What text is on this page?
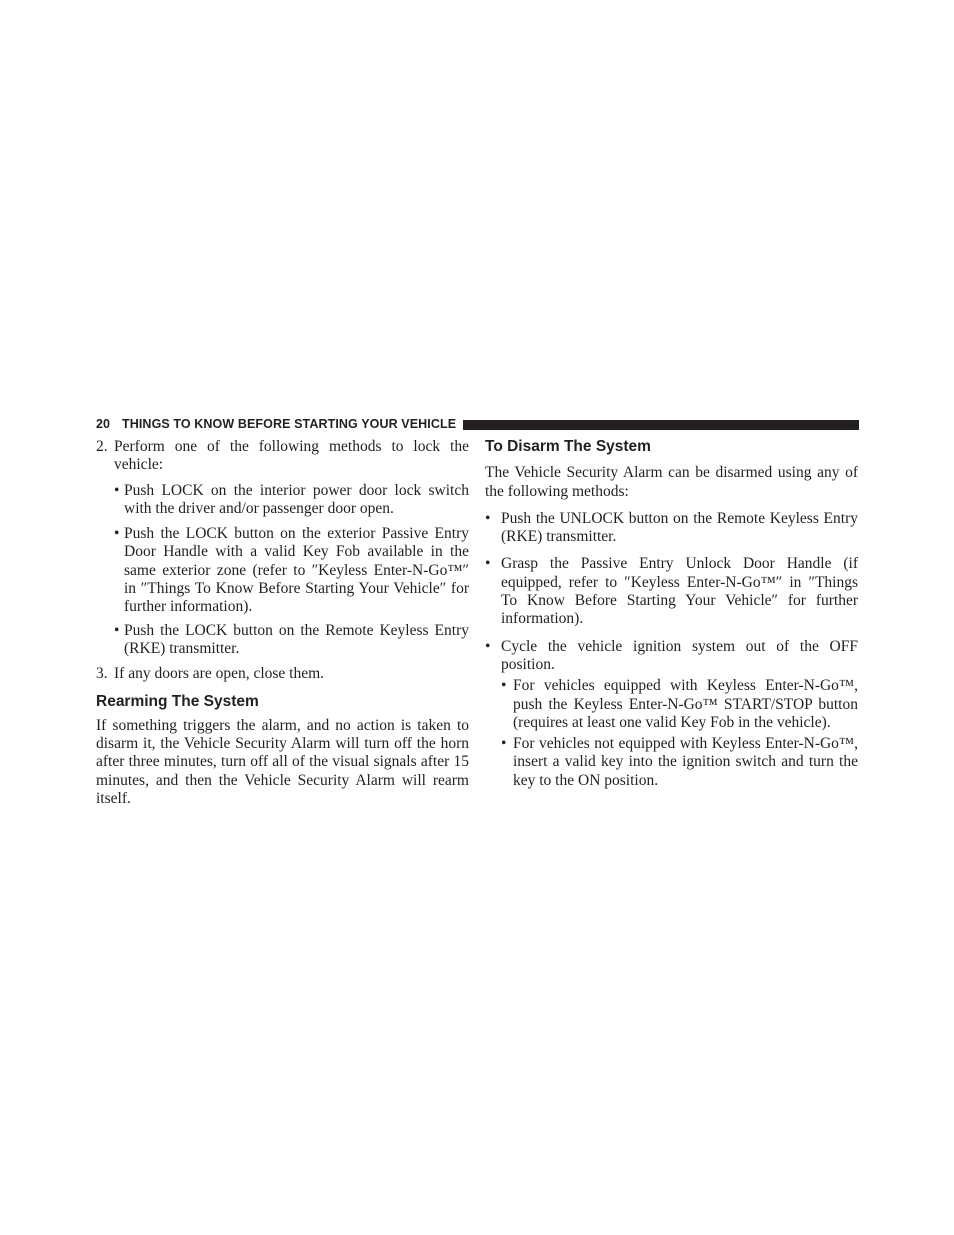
20 THINGS TO KNOW BEFORE STARTING YOUR VEHICLE
2. Perform one of the following methods to lock the vehicle:
• Push LOCK on the interior power door lock switch with the driver and/or passenger door open.
• Push the LOCK button on the exterior Passive Entry Door Handle with a valid Key Fob available in the same exterior zone (refer to ″Keyless Enter-N-Go™″ in ″Things To Know Before Starting Your Vehicle″ for further information).
• Push the LOCK button on the Remote Keyless Entry (RKE) transmitter.
3. If any doors are open, close them.
Rearming The System

If something triggers the alarm, and no action is taken to disarm it, the Vehicle Security Alarm will turn off the horn after three minutes, turn off all of the visual signals after 15 minutes, and then the Vehicle Security Alarm will rearm itself.

To Disarm The System

The Vehicle Security Alarm can be disarmed using any of the following methods:

• Push the UNLOCK button on the Remote Keyless Entry (RKE) transmitter.
• Grasp the Passive Entry Unlock Door Handle (if equipped, refer to ″Keyless Enter-N-Go™″ in ″Things To Know Before Starting Your Vehicle″ for further information).
• Cycle the vehicle ignition system out of the OFF position.
• For vehicles equipped with Keyless Enter-N-Go™, push the Keyless Enter-N-Go™ START/STOP button (requires at least one valid Key Fob in the vehicle).
• For vehicles not equipped with Keyless Enter-N-Go™, insert a valid key into the ignition switch and turn the key to the ON position.
